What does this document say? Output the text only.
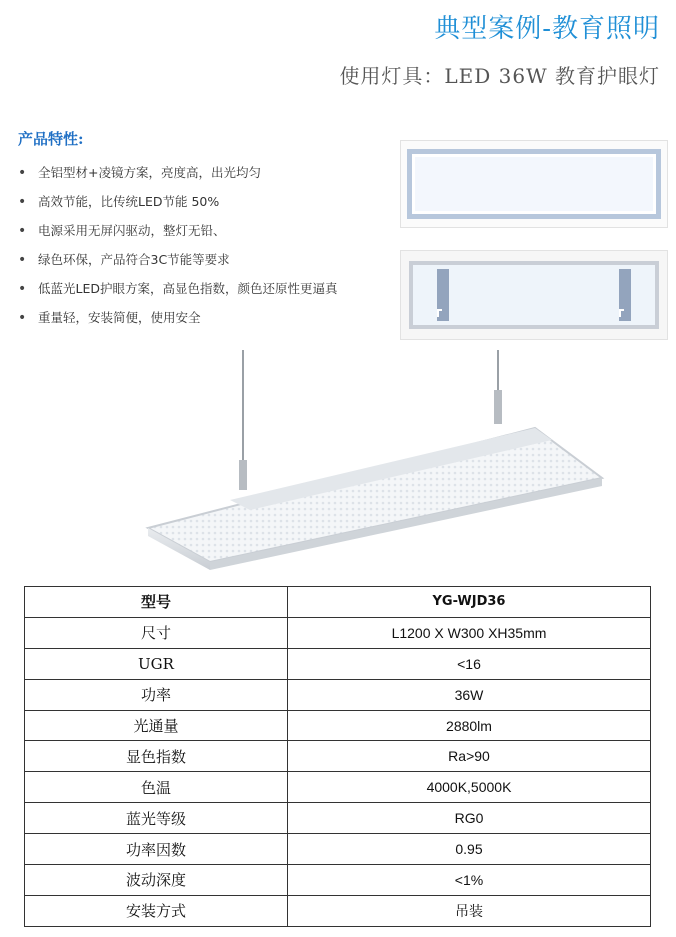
典型案例-教育照明
使用灯具：LED 36W 教育护眼灯
产品特性:
• 全铝型材+凌镜方案，亮度高，出光均匀
• 高效节能，比传统LED节能 50%
• 电源采用无屏闪驱动，整灯无铅、
• 绿色环保，产品符合3C节能等要求
• 低蓝光LED护眼方案，高显色指数，颜色还原性更逼真
• 重量轻，安装简便，使用安全
型号	YG-WJD36
尺寸	L1200 X W300 XH35mm
UGR	<16
功率	36W
光通量	2880lm
显色指数	Ra>90
色温	4000K,5000K
蓝光等级	RG0
功率因数	0.95
波动深度	<1%
安装方式	吊装
